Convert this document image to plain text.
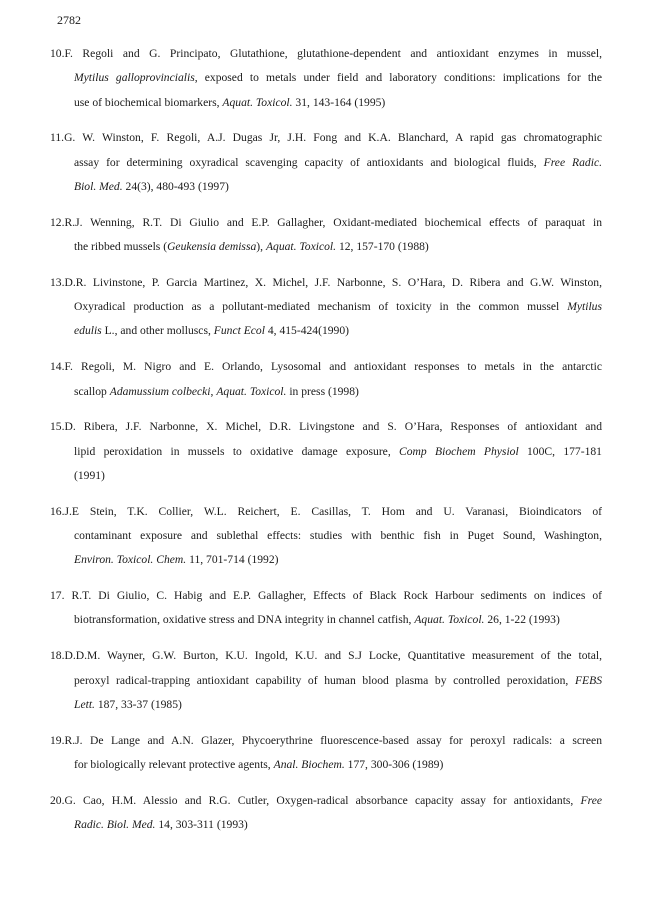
2782
10.F. Regoli and G. Principato, Glutathione, glutathione-dependent and antioxidant enzymes in mussel,
Mytilus galloprovincialis, exposed to metals under field and laboratory conditions: implications for the
use of biochemical biomarkers, Aquat. Toxicol. 31, 143-164 (1995)
11.G. W. Winston, F. Regoli, A.J. Dugas Jr, J.H. Fong and K.A. Blanchard, A rapid gas chromatographic
assay for determining oxyradical scavenging capacity of antioxidants and biological fluids, Free Radic.
Biol. Med. 24(3), 480-493 (1997)
12.R.J. Wenning, R.T. Di Giulio and E.P. Gallagher, Oxidant-mediated biochemical effects of paraquat in
the ribbed mussels (Geukensia demissa), Aquat. Toxicol. 12, 157-170 (1988)
13.D.R. Livinstone, P. Garcia Martinez, X. Michel, J.F. Narbonne, S. O’Hara, D. Ribera and G.W. Winston,
Oxyradical production as a pollutant-mediated mechanism of toxicity in the common mussel Mytilus
edulis L., and other molluscs, Funct Ecol 4, 415-424(1990)
14.F. Regoli, M. Nigro and E. Orlando, Lysosomal and antioxidant responses to metals in the antarctic
scallop Adamussium colbecki, Aquat. Toxicol. in press (1998)
15.D. Ribera, J.F. Narbonne, X. Michel, D.R. Livingstone and S. O’Hara, Responses of antioxidant and
lipid peroxidation in mussels to oxidative damage exposure, Comp Biochem Physiol 100C, 177-181
(1991)
16.J.E Stein, T.K. Collier, W.L. Reichert, E. Casillas, T. Hom and U. Varanasi, Bioindicators of
contaminant exposure and sublethal effects: studies with benthic fish in Puget Sound, Washington,
Environ. Toxicol. Chem. 11, 701-714 (1992)
17. R.T. Di Giulio, C. Habig and E.P. Gallagher, Effects of Black Rock Harbour sediments on indices of
biotransformation, oxidative stress and DNA integrity in channel catfish, Aquat. Toxicol. 26, 1-22 (1993)
18.D.D.M. Wayner, G.W. Burton, K.U. Ingold, K.U. and S.J Locke, Quantitative measurement of the total,
peroxyl radical-trapping antioxidant capability of human blood plasma by controlled peroxidation, FEBS
Lett. 187, 33-37 (1985)
19.R.J. De Lange and A.N. Glazer, Phycoerythrine fluorescence-based assay for peroxyl radicals: a screen
for biologically relevant protective agents, Anal. Biochem. 177, 300-306 (1989)
20.G. Cao, H.M. Alessio and R.G. Cutler, Oxygen-radical absorbance capacity assay for antioxidants, Free
Radic. Biol. Med. 14, 303-311 (1993)
